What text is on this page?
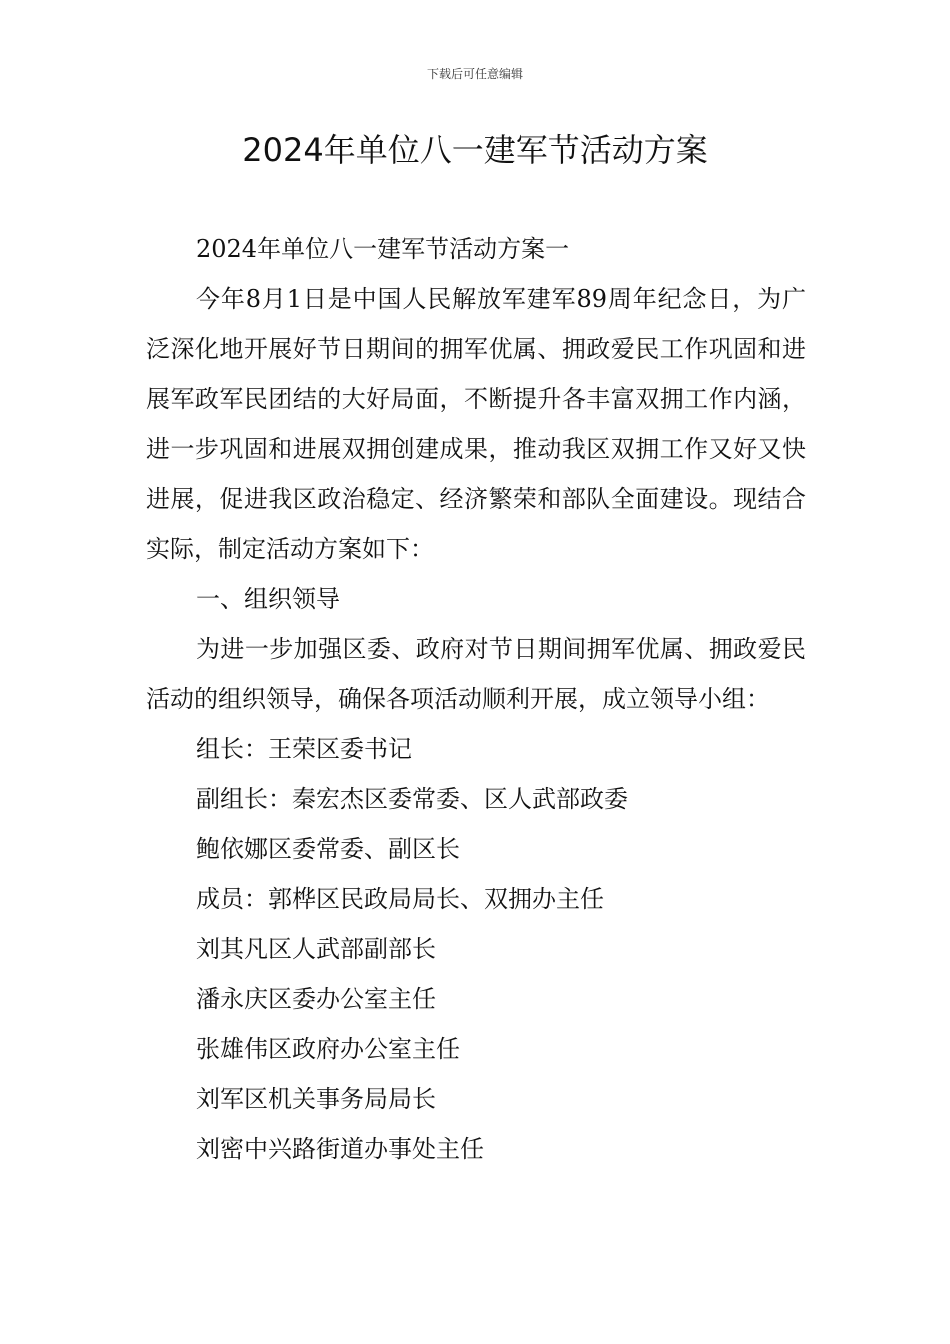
下载后可任意编辑
2024年单位八一建军节活动方案

2024年单位八一建军节活动方案一

今年8月1日是中国人民解放军建军89周年纪念日，为广泛深化地开展好节日期间的拥军优属、拥政爱民工作巩固和进展军政军民团结的大好局面，不断提升各丰富双拥工作内涵，进一步巩固和进展双拥创建成果，推动我区双拥工作又好又快进展，促进我区政治稳定、经济繁荣和部队全面建设。现结合实际，制定活动方案如下：

一、组织领导

为进一步加强区委、政府对节日期间拥军优属、拥政爱民活动的组织领导，确保各项活动顺利开展，成立领导小组：

组长：王荣区委书记

副组长：秦宏杰区委常委、区人武部政委

鲍依娜区委常委、副区长

成员：郭桦区民政局局长、双拥办主任

刘其凡区人武部副部长

潘永庆区委办公室主任

张雄伟区政府办公室主任

刘军区机关事务局局长

刘密中兴路街道办事处主任
